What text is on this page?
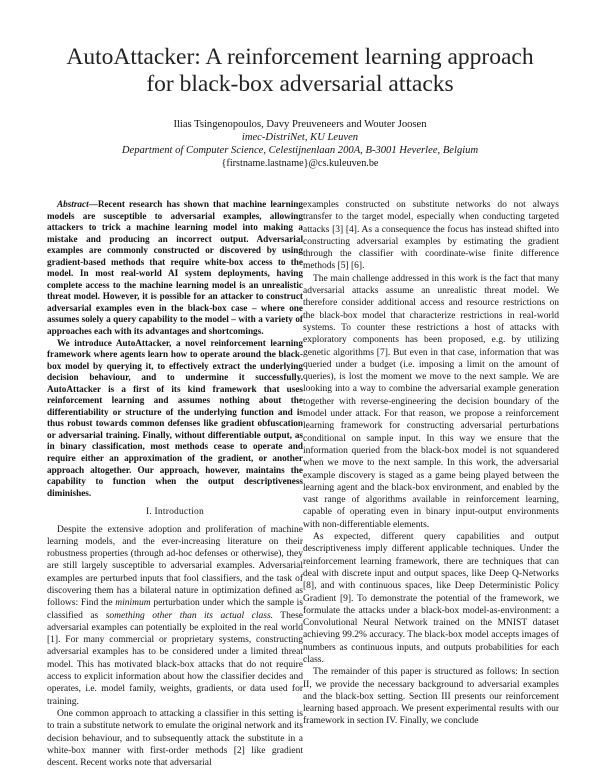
AutoAttacker: A reinforcement learning approach
for black-box adversarial attacks
Ilias Tsingenopoulos, Davy Preuveneers and Wouter Joosen
imec-DistriNet, KU Leuven
Department of Computer Science, Celestijnenlaan 200A, B-3001 Heverlee, Belgium
{firstname.lastname}@cs.kuleuven.be

Abstract—Recent research has shown that machine learning models are susceptible to adversarial examples, allowing attackers to trick a machine learning model into making a mistake and producing an incorrect output. Adversarial examples are commonly constructed or discovered by using gradient-based methods that require white-box access to the model. In most real-world AI system deployments, having complete access to the machine learning model is an unrealistic threat model. However, it is possible for an attacker to construct adversarial examples even in the black-box case – where one assumes solely a query capability to the model – with a variety of approaches each with its advantages and shortcomings.

We introduce AutoAttacker, a novel reinforcement learning framework where agents learn how to operate around the black-box model by querying it, to effectively extract the underlying decision behaviour, and to undermine it successfully. AutoAttacker is a first of its kind framework that uses reinforcement learning and assumes nothing about the differentiability or structure of the underlying function and is thus robust towards common defenses like gradient obfuscation or adversarial training. Finally, without differentiable output, as in binary classification, most methods cease to operate and require either an approximation of the gradient, or another approach altogether. Our approach, however, maintains the capability to function when the output descriptiveness diminishes.

I. Introduction

Despite the extensive adoption and proliferation of machine learning models, and the ever-increasing literature on their robustness properties (through ad-hoc defenses or otherwise), they are still largely susceptible to adversarial examples. Adversarial examples are perturbed inputs that fool classifiers, and the task of discovering them has a bilateral nature in optimization defined as follows: Find the minimum perturbation under which the sample is classified as something other than its actual class. These adversarial examples can potentially be exploited in the real world [1]. For many commercial or proprietary systems, constructing adversarial examples has to be considered under a limited threat model. This has motivated black-box attacks that do not require access to explicit information about how the classifier decides and operates, i.e. model family, weights, gradients, or data used for training.

One common approach to attacking a classifier in this setting is to train a substitute network to emulate the original network and its decision behaviour, and to subsequently attack the substitute in a white-box manner with first-order methods [2] like gradient descent. Recent works note that adversarial

examples constructed on substitute networks do not always transfer to the target model, especially when conducting targeted attacks [3] [4]. As a consequence the focus has instead shifted into constructing adversarial examples by estimating the gradient through the classifier with coordinate-wise finite difference methods [5] [6].

The main challenge addressed in this work is the fact that many adversarial attacks assume an unrealistic threat model. We therefore consider additional access and resource restrictions on the black-box model that characterize restrictions in real-world systems. To counter these restrictions a host of attacks with exploratory components has been proposed, e.g. by utilizing genetic algorithms [7]. But even in that case, information that was queried under a budget (i.e. imposing a limit on the amount of queries), is lost the moment we move to the next sample. We are looking into a way to combine the adversarial example generation together with reverse-engineering the decision boundary of the model under attack. For that reason, we propose a reinforcement learning framework for constructing adversarial perturbations conditional on sample input. In this way we ensure that the information queried from the black-box model is not squandered when we move to the next sample. In this work, the adversarial example discovery is staged as a game being played between the learning agent and the black-box environment, and enabled by the vast range of algorithms available in reinforcement learning, capable of operating even in binary input-output environments with non-differentiable elements.

As expected, different query capabilities and output descriptiveness imply different applicable techniques. Under the reinforcement learning framework, there are techniques that can deal with discrete input and output spaces, like Deep Q-Networks [8], and with continuous spaces, like Deep Deterministic Policy Gradient [9]. To demonstrate the potential of the framework, we formulate the attacks under a black-box model-as-environment: a Convolutional Neural Network trained on the MNIST dataset achieving 99.2% accuracy. The black-box model accepts images of numbers as continuous inputs, and outputs probabilities for each class.

The remainder of this paper is structured as follows: In section II, we provide the necessary background to adversarial examples and the black-box setting. Section III presents our reinforcement learning based approach. We present experimental results with our framework in section IV. Finally, we conclude
